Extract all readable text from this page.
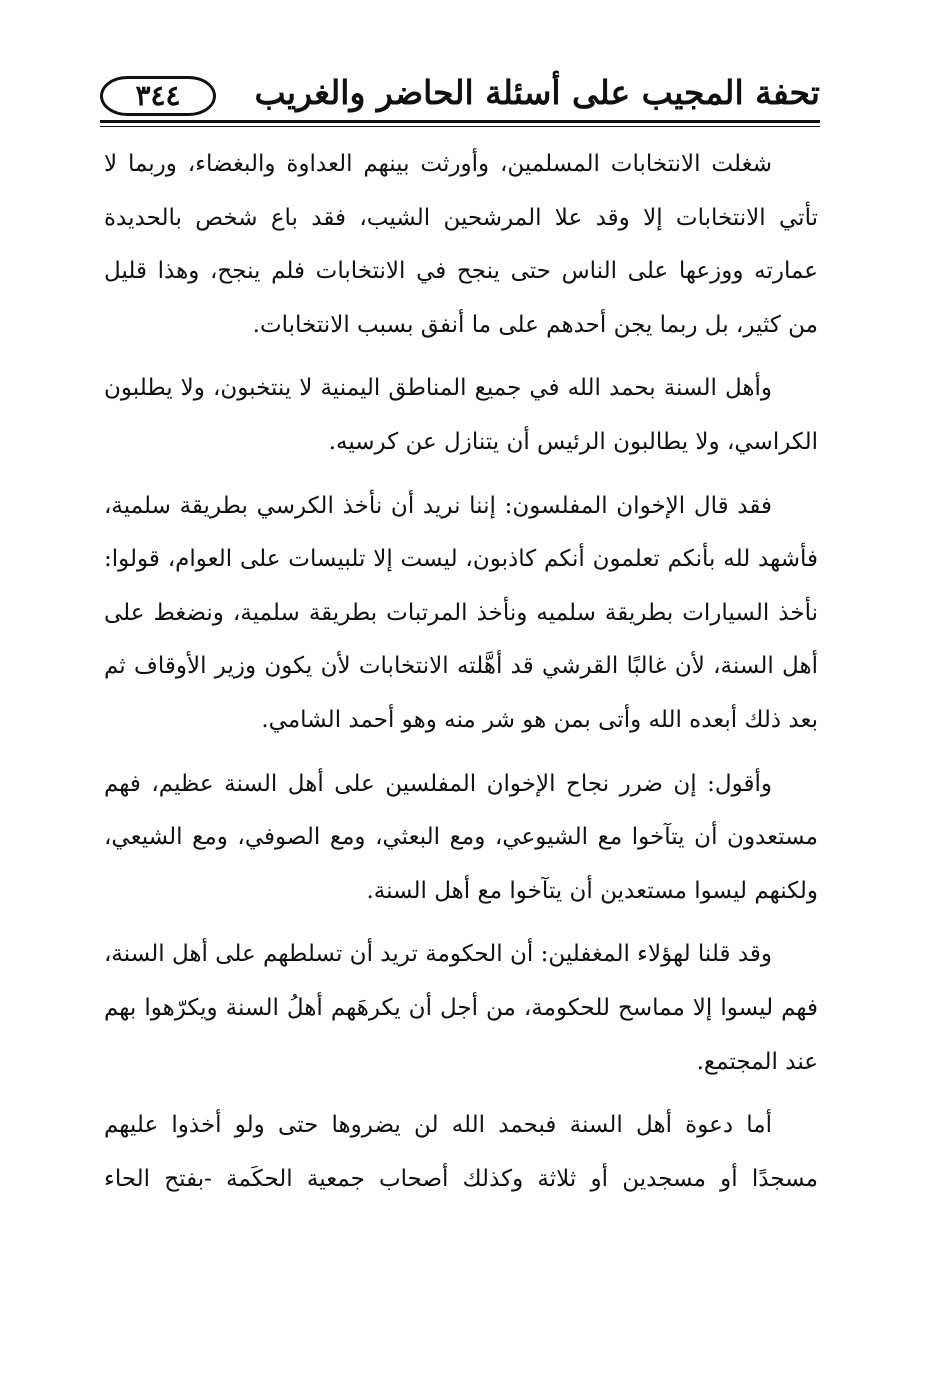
تحفة المجيب على أسئلة الحاضر والغريب
٣٤٤

شغلت الانتخابات المسلمين، وأورثت بينهم العداوة والبغضاء، وربما لا تأتي الانتخابات إلا وقد علا المرشحين الشيب، فقد باع شخص بالحديدة عمارته ووزعها على الناس حتى ينجح في الانتخابات فلم ينجح، وهذا قليل من كثير، بل ربما يجن أحدهم على ما أنفق بسبب الانتخابات.

وأهل السنة بحمد الله في جميع المناطق اليمنية لا ينتخبون، ولا يطلبون الكراسي، ولا يطالبون الرئيس أن يتنازل عن كرسيه.

فقد قال الإخوان المفلسون: إننا نريد أن نأخذ الكرسي بطريقة سلمية، فأشهد لله بأنكم تعلمون أنكم كاذبون، ليست إلا تلبيسات على العوام، قولوا: نأخذ السيارات بطريقة سلميه ونأخذ المرتبات بطريقة سلمية، ونضغط على أهل السنة، لأن غالبًا القرشي قد أهَّلته الانتخابات لأن يكون وزير الأوقاف ثم بعد ذلك أبعده الله وأتى بمن هو شر منه وهو أحمد الشامي.

وأقول: إن ضرر نجاح الإخوان المفلسين على أهل السنة عظيم، فهم مستعدون أن يتآخوا مع الشيوعي، ومع البعثي، ومع الصوفي، ومع الشيعي، ولكنهم ليسوا مستعدين أن يتآخوا مع أهل السنة.

وقد قلنا لهؤلاء المغفلين: أن الحكومة تريد أن تسلطهم على أهل السنة، فهم ليسوا إلا مماسح للحكومة، من أجل أن يكرهَهم أهلُ السنة ويكرّهوا بهم عند المجتمع.

أما دعوة أهل السنة فبحمد الله لن يضروها حتى ولو أخذوا عليهم مسجدًا أو مسجدين أو ثلاثة وكذلك أصحاب جمعية الحكَمة -بفتح الحاء
